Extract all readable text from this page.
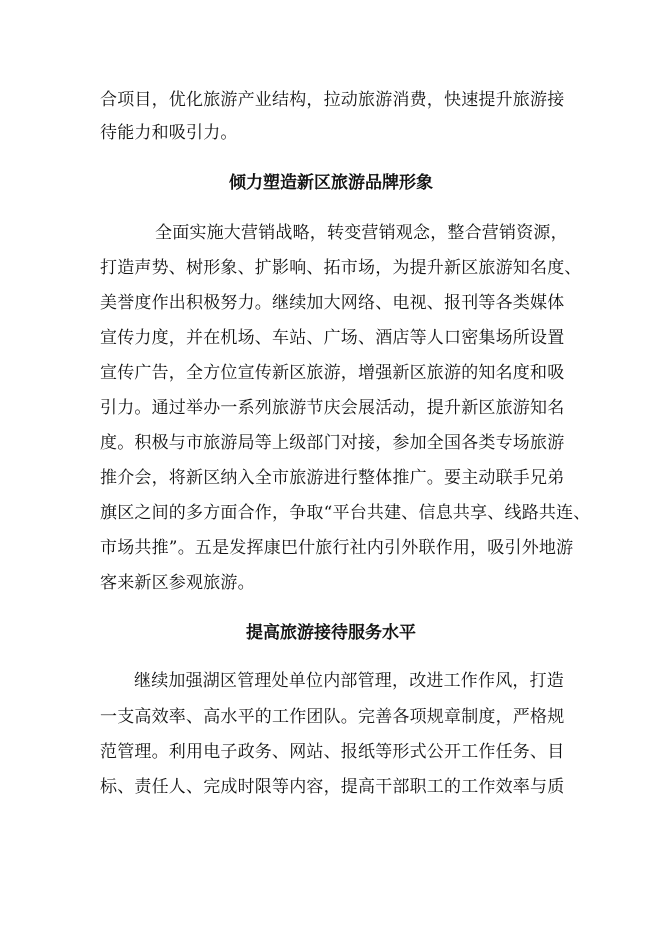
合项目，优化旅游产业结构，拉动旅游消费，快速提升旅游接
待能力和吸引力。
倾力塑造新区旅游品牌形象
全面实施大营销战略，转变营销观念，整合营销资源，
打造声势、树形象、扩影响、拓市场，为提升新区旅游知名度、
美誉度作出积极努力。继续加大网络、电视、报刊等各类媒体
宣传力度，并在机场、车站、广场、酒店等人口密集场所设置
宣传广告，全方位宣传新区旅游，增强新区旅游的知名度和吸
引力。通过举办一系列旅游节庆会展活动，提升新区旅游知名
度。积极与市旅游局等上级部门对接，参加全国各类专场旅游
推介会，将新区纳入全市旅游进行整体推广。要主动联手兄弟
旗区之间的多方面合作，争取“平台共建、信息共享、线路共连、
市场共推”。五是发挥康巴什旅行社内引外联作用，吸引外地游
客来新区参观旅游。
提高旅游接待服务水平
继续加强湖区管理处单位内部管理，改进工作作风，打造
一支高效率、高水平的工作团队。完善各项规章制度，严格规
范管理。利用电子政务、网站、报纸等形式公开工作任务、目
标、责任人、完成时限等内容，提高干部职工的工作效率与质
